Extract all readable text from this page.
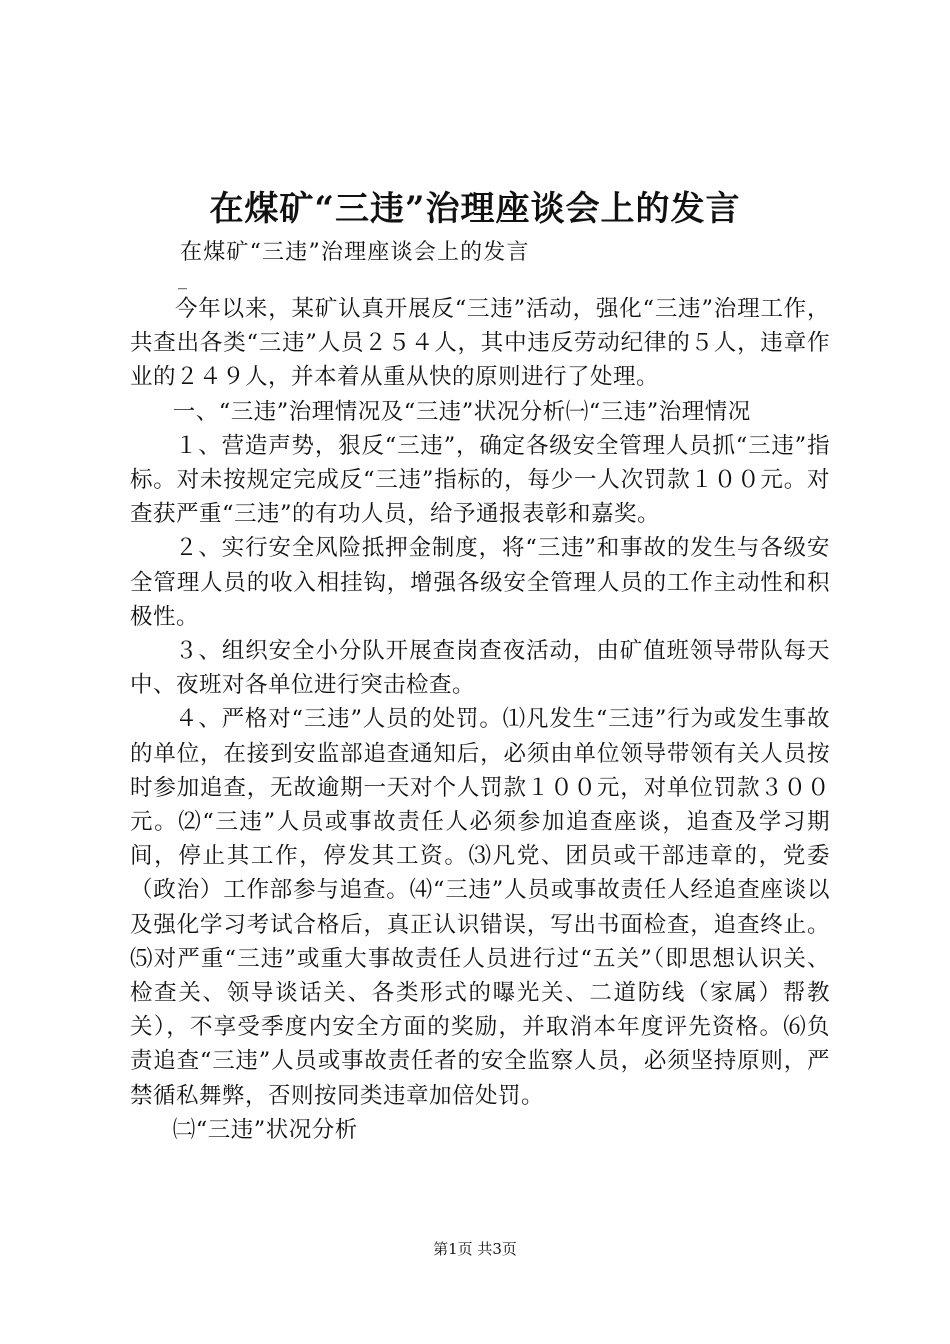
在煤矿“三违”治理座谈会上的发言
在煤矿“三违”治理座谈会上的发言
_

今年以来，某矿认真开展反“三违”活动，强化“三违”治理工作，共查出各类“三违”人员２５４人，其中违反劳动纪律的５人，违章作业的２４９人，并本着从重从快的原则进行了处理。

一、“三违”治理情况及“三违”状况分析㈠“三违”治理情况

１、营造声势，狠反“三违”，确定各级安全管理人员抓“三违”指标。对未按规定完成反“三违”指标的，每少一人次罚款１００元。对查获严重“三违”的有功人员，给予通报表彰和嘉奖。

２、实行安全风险抵押金制度，将“三违”和事故的发生与各级安全管理人员的收入相挂钩，增强各级安全管理人员的工作主动性和积极性。

３、组织安全小分队开展查岗查夜活动，由矿值班领导带队每天中、夜班对各单位进行突击检查。

４、严格对“三违”人员的处罚。⑴凡发生“三违”行为或发生事故的单位，在接到安监部追查通知后，必须由单位领导带领有关人员按时参加追查，无故逾期一天对个人罚款１００元，对单位罚款３００元。⑵“三违”人员或事故责任人必须参加追查座谈，追查及学习期间，停止其工作，停发其工资。⑶凡党、团员或干部违章的，党委（政治）工作部参与追查。⑷“三违”人员或事故责任人经追查座谈以及强化学习考试合格后，真正认识错误，写出书面检查，追查终止。⑸对严重“三违”或重大事故责任人员进行过“五关”（即思想认识关、检查关、领导谈话关、各类形式的曝光关、二道防线（家属）帮教关），不享受季度内安全方面的奖励，并取消本年度评先资格。⑹负责追查“三违”人员或事故责任者的安全监察人员，必须坚持原则，严禁循私舞弊，否则按同类违章加倍处罚。

㈡“三违”状况分析

第1页 共3页
